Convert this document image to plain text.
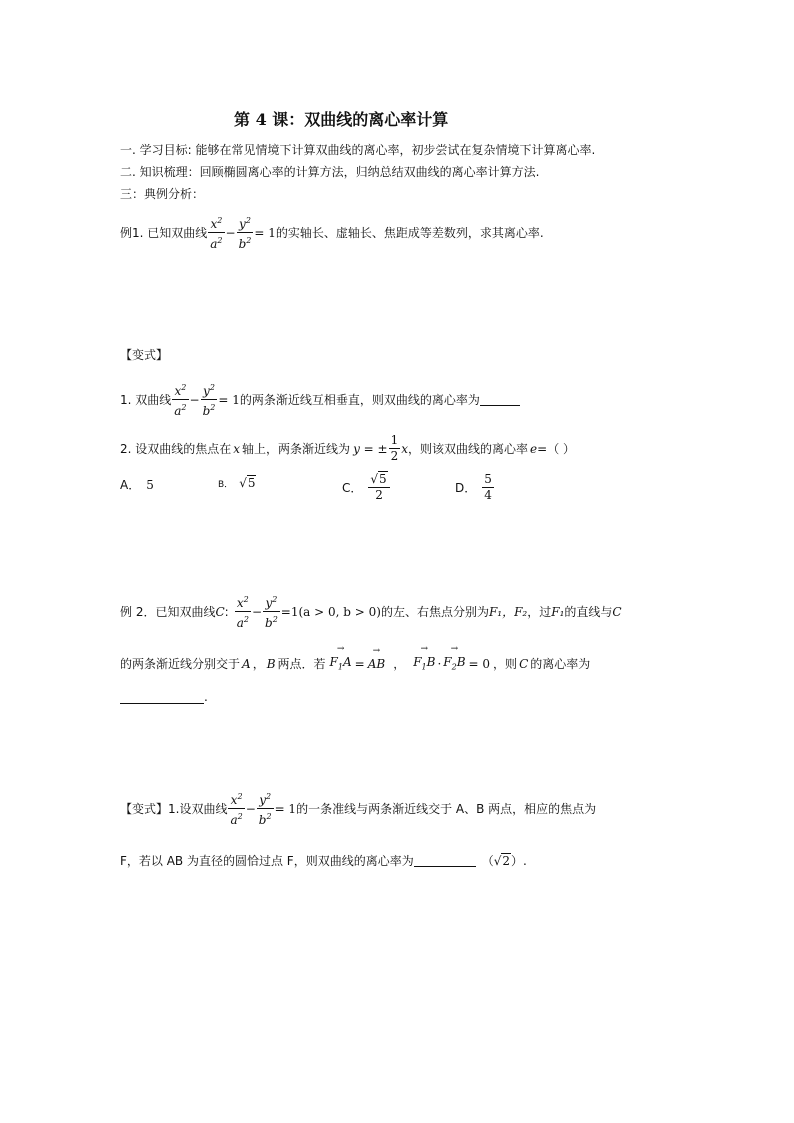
第 4 课：双曲线的离心率计算
一. 学习目标: 能够在常见情境下计算双曲线的离心率，初步尝试在复杂情境下计算离心率.
二. 知识梳理：回顾椭圆离心率的计算方法，归纳总结双曲线的离心率计算方法.
三：典例分析：
例1. 已知双曲线 $\frac{x^2}{a^2} - \frac{y^2}{b^2} = 1$ 的实轴长、虚轴长、焦距成等差数列，求其离心率.
【变式】
1. 双曲线 $\frac{x^2}{a^2} - \frac{y^2}{b^2} = 1$ 的两条渐近线互相垂直，则双曲线的离心率为
2. 设双曲线的焦点在 x 轴上，两条渐近线为 y = ± $\frac{1}{2}$ x ，则该双曲线的离心率 e =（ ）
A． 5	B． √5	C． $\frac{√5}{2}$	D． $\frac{5}{4}$
例 2．已知双曲线 C : $\frac{x^2}{a^2} - \frac{y^2}{b^2} =1(a > 0$, b > 0) 的左、右焦点分别为 F₁，F₂ ，过 F₁ 的直线与 C
的两条渐近线分别交于 A ， B 两点．若 → $F_1A$ = → AB ， → $F_1B$ · → $F_2B = 0$ ，则 C 的离心率为
.
【变式】 1.设双曲线 $\frac{x^2}{a^2} - \frac{y^2}{b^2} = 1$ 的一条准线与两条渐近线交于 A、B 两点，相应的焦点为
F，若以 AB 为直径的圆恰过点 F，则双曲线的离心率为	（ √2 ）.
